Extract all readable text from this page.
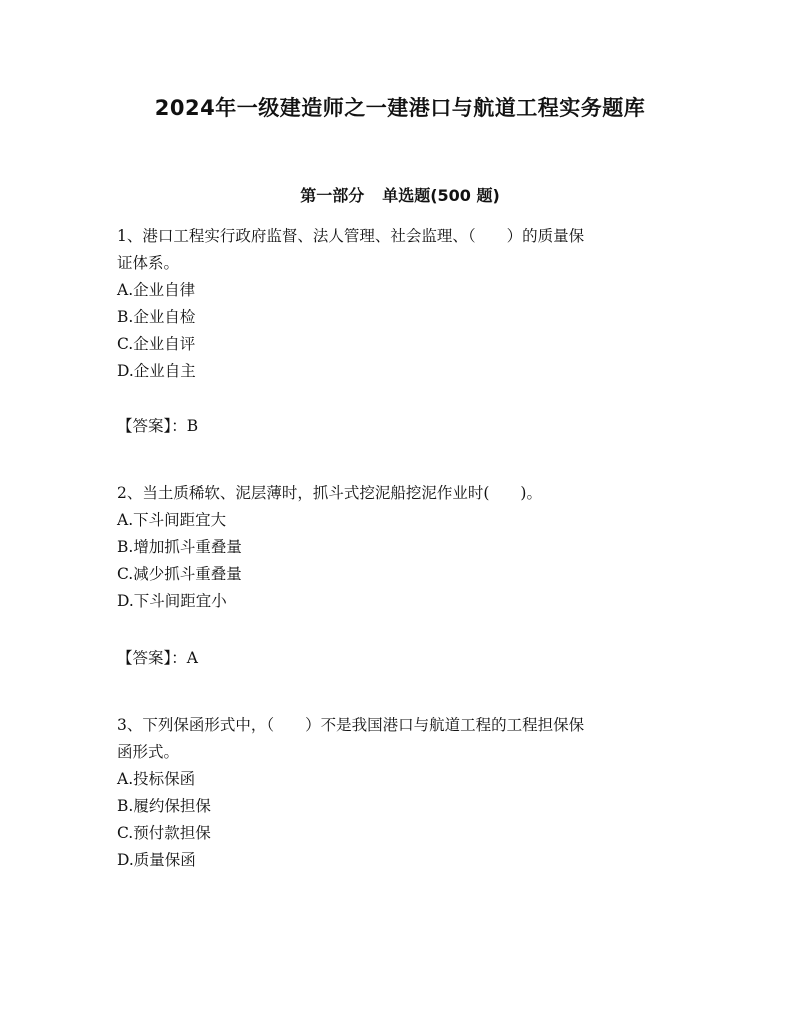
2024年一级建造师之一建港口与航道工程实务题库
第一部分 单选题(500 题)

1、港口工程实行政府监督、法人管理、社会监理、（　　）的质量保

证体系。

A.企业自律

B.企业自检

C.企业自评

D.企业自主

【答案】：B

2、当土质稀软、泥层薄时，抓斗式挖泥船挖泥作业时(　　)。

A.下斗间距宜大

B.增加抓斗重叠量

C.减少抓斗重叠量

D.下斗间距宜小

【答案】：A

3、下列保函形式中，（　　）不是我国港口与航道工程的工程担保保

函形式。

A.投标保函

B.履约保担保

C.预付款担保

D.质量保函
